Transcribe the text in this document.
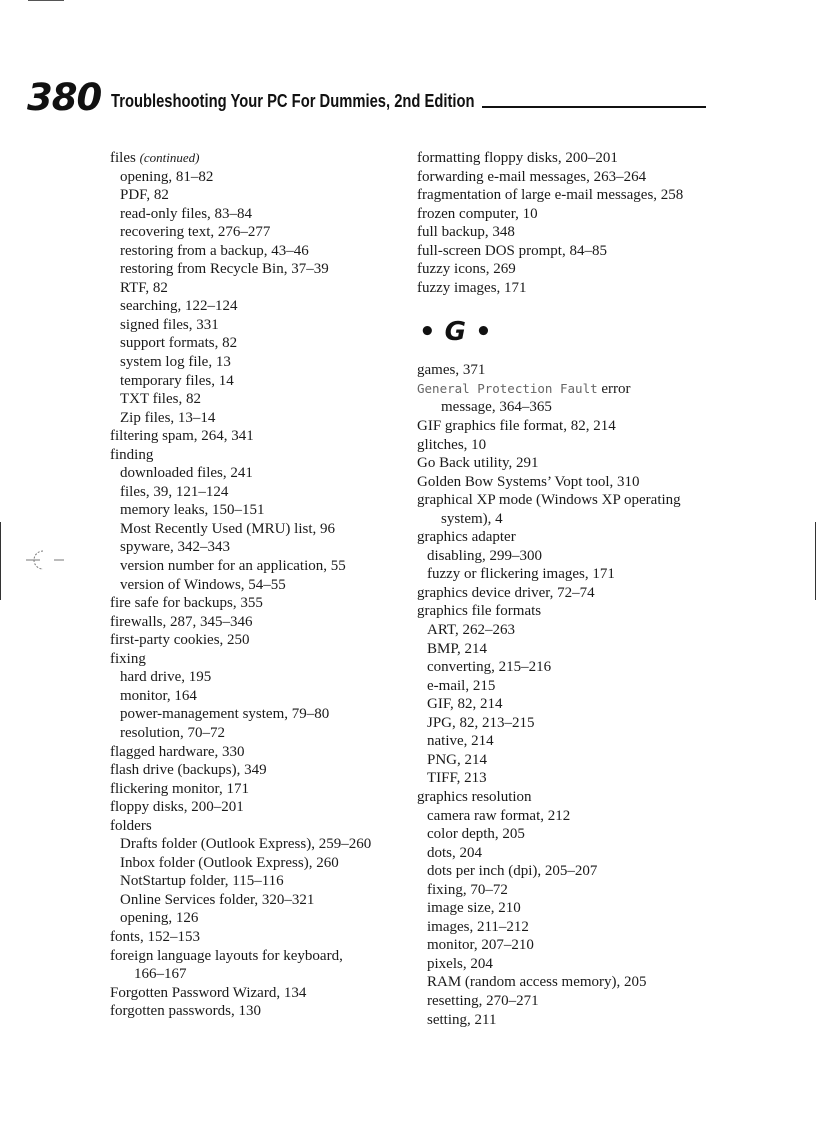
380 Troubleshooting Your PC For Dummies, 2nd Edition
files (continued)
opening, 81–82
PDF, 82
read-only files, 83–84
recovering text, 276–277
restoring from a backup, 43–46
restoring from Recycle Bin, 37–39
RTF, 82
searching, 122–124
signed files, 331
support formats, 82
system log file, 13
temporary files, 14
TXT files, 82
Zip files, 13–14
filtering spam, 264, 341
finding
downloaded files, 241
files, 39, 121–124
memory leaks, 150–151
Most Recently Used (MRU) list, 96
spyware, 342–343
version number for an application, 55
version of Windows, 54–55
fire safe for backups, 355
firewalls, 287, 345–346
first-party cookies, 250
fixing
hard drive, 195
monitor, 164
power-management system, 79–80
resolution, 70–72
flagged hardware, 330
flash drive (backups), 349
flickering monitor, 171
floppy disks, 200–201
folders
Drafts folder (Outlook Express), 259–260
Inbox folder (Outlook Express), 260
NotStartup folder, 115–116
Online Services folder, 320–321
opening, 126
fonts, 152–153
foreign language layouts for keyboard,
166–167
Forgotten Password Wizard, 134
forgotten passwords, 130
formatting floppy disks, 200–201
forwarding e-mail messages, 263–264
fragmentation of large e-mail messages, 258
frozen computer, 10
full backup, 348
full-screen DOS prompt, 84–85
fuzzy icons, 269
fuzzy images, 171
• G •
games, 371
General Protection Fault error
message, 364–365
GIF graphics file format, 82, 214
glitches, 10
Go Back utility, 291
Golden Bow Systems’ Vopt tool, 310
graphical XP mode (Windows XP operating
system), 4
graphics adapter
disabling, 299–300
fuzzy or flickering images, 171
graphics device driver, 72–74
graphics file formats
ART, 262–263
BMP, 214
converting, 215–216
e-mail, 215
GIF, 82, 214
JPG, 82, 213–215
native, 214
PNG, 214
TIFF, 213
graphics resolution
camera raw format, 212
color depth, 205
dots, 204
dots per inch (dpi), 205–207
fixing, 70–72
image size, 210
images, 211–212
monitor, 207–210
pixels, 204
RAM (random access memory), 205
resetting, 270–271
setting, 211
